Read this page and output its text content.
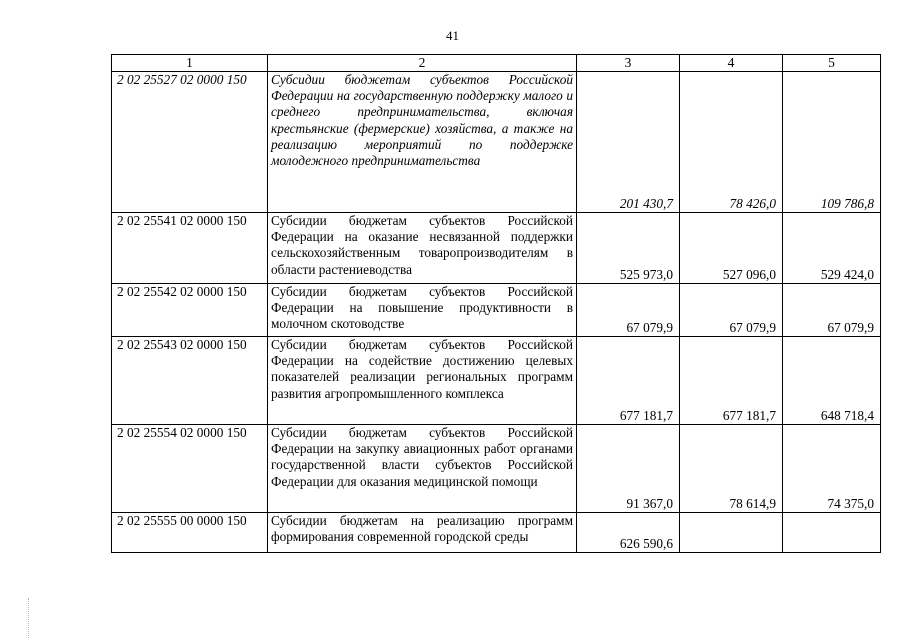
41
1	2	3	4	5
2 02 25527 02 0000 150	Субсидии бюджетам субъектов Российской Федерации на государственную поддержку малого и среднего предпринимательства, включая крестьянские (фермерские) хозяйства, а также на реализацию мероприятий по поддержке молодежного предпринимательства	201 430,7	78 426,0	109 786,8
2 02 25541 02 0000 150	Субсидии бюджетам субъектов Российской Федерации на оказание несвязанной поддержки сельскохозяйственным товаропроизводителям в области растениеводства	525 973,0	527 096,0	529 424,0
2 02 25542 02 0000 150	Субсидии бюджетам субъектов Российской Федерации на повышение продуктивности в молочном скотоводстве	67 079,9	67 079,9	67 079,9
2 02 25543 02 0000 150	Субсидии бюджетам субъектов Российской Федерации на содействие достижению целевых показателей реализации региональных программ развития агропромышленного комплекса	677 181,7	677 181,7	648 718,4
2 02 25554 02 0000 150	Субсидии бюджетам субъектов Российской Федерации на закупку авиационных работ органами государственной власти субъектов Российской Федерации для оказания медицинской помощи	91 367,0	78 614,9	74 375,0
2 02 25555 00 0000 150	Субсидии бюджетам на реализацию программ формирования современной городской среды	626 590,6		
